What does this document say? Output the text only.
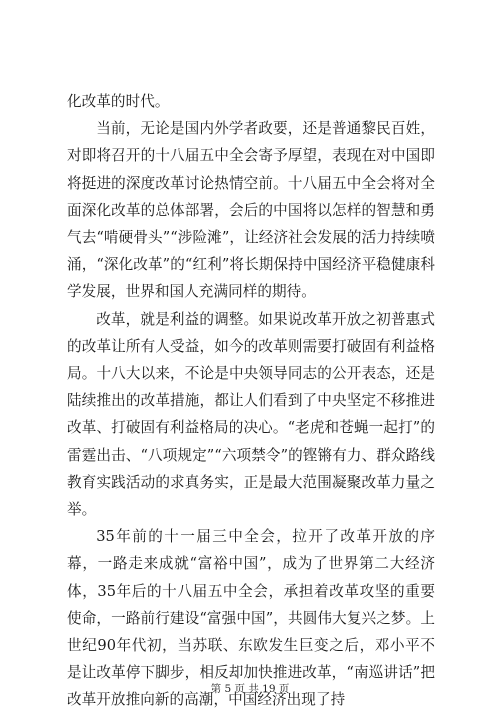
化改革的时代。

当前，无论是国内外学者政要，还是普通黎民百姓，对即将召开的十八届五中全会寄予厚望，表现在对中国即将挺进的深度改革讨论热情空前。十八届五中全会将对全面深化改革的总体部署，会后的中国将以怎样的智慧和勇气去“啃硬骨头”“涉险滩”，让经济社会发展的活力持续喷涌，“深化改革”的“红利”将长期保持中国经济平稳健康科学发展，世界和国人充满同样的期待。

改革，就是利益的调整。如果说改革开放之初普惠式的改革让所有人受益，如今的改革则需要打破固有利益格局。十八大以来，不论是中央领导同志的公开表态，还是陆续推出的改革措施，都让人们看到了中央坚定不移推进改革、打破固有利益格局的决心。“老虎和苍蝇一起打”的雷霆出击、“八项规定”“六项禁令”的铿锵有力、群众路线教育实践活动的求真务实，正是最大范围凝聚改革力量之举。

35年前的十一届三中全会，拉开了改革开放的序幕，一路走来成就“富裕中国”，成为了世界第二大经济体，35年后的十八届五中全会，承担着改革攻坚的重要使命，一路前行建设“富强中国”，共圆伟大复兴之梦。上世纪90年代初，当苏联、东欧发生巨变之后，邓小平不是让改革停下脚步，相反却加快推进改革，“南巡讲话”把改革开放推向新的高潮，中国经济出现了持

第 5 页 共 19 页
